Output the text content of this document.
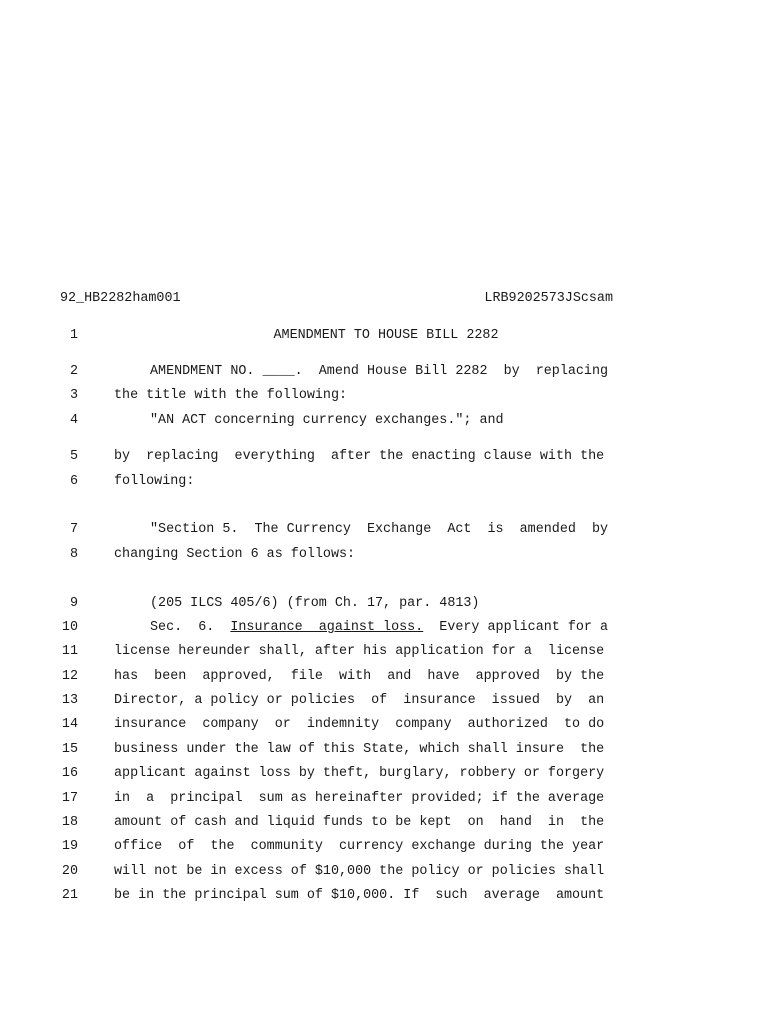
92_HB2282ham001	LRB9202573JScsam
1	AMENDMENT TO HOUSE BILL 2282
2	AMENDMENT NO. ____.  Amend House Bill 2282  by  replacing
3	the title with the following:
4	"AN ACT concerning currency exchanges."; and
5	by  replacing  everything  after the enacting clause with the
6	following:
7	"Section 5.  The Currency  Exchange  Act  is  amended  by
8	changing Section 6 as follows:
9	(205 ILCS 405/6) (from Ch. 17, par. 4813)
10	Sec.  6.  Insurance  against loss.  Every applicant for a
11	license hereunder shall, after his application for a  license
12	has  been  approved,  file  with  and  have  approved  by the
13	Director, a policy or policies  of  insurance  issued  by  an
14	insurance  company  or  indemnity  company  authorized  to do
15	business under the law of this State, which shall insure  the
16	applicant against loss by theft, burglary, robbery or forgery
17	in  a  principal  sum as hereinafter provided; if the average
18	amount of cash and liquid funds to be kept  on  hand  in  the
19	office  of  the  community  currency exchange during the year
20	will not be in excess of $10,000 the policy or policies shall
21	be in the principal sum of $10,000. If  such  average  amount
